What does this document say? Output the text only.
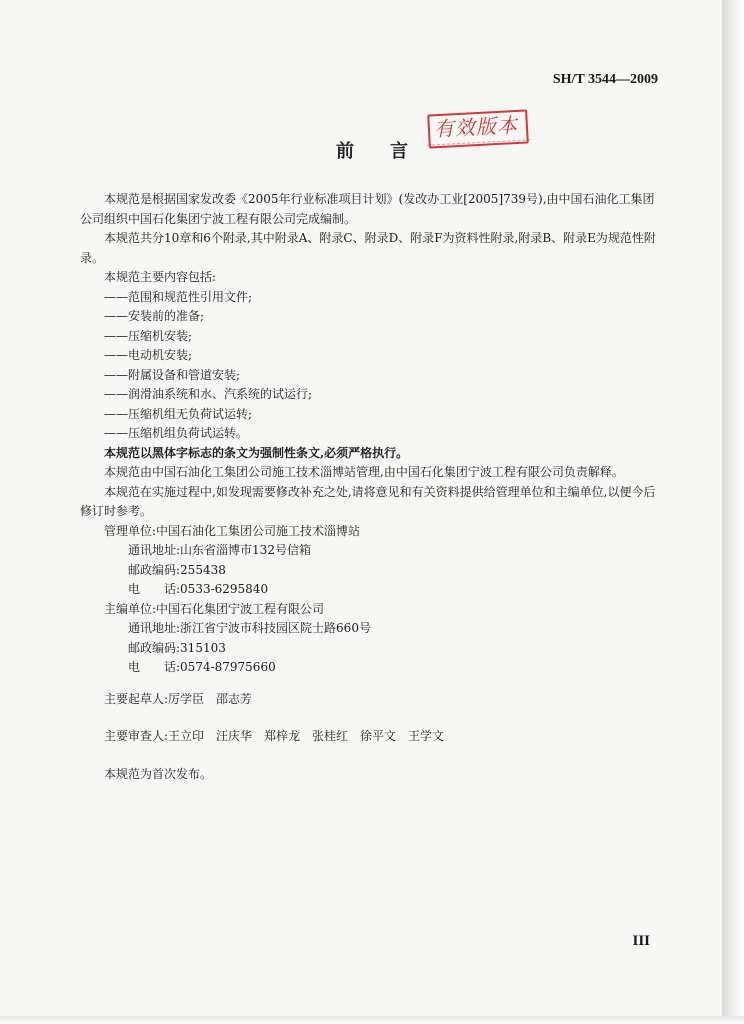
SH/T 3544—2009
有效版本
前言

本规范是根据国家发改委《2005年行业标准项目计划》(发改办工业[2005]739号),由中国石油化工集团公司组织中国石化集团宁波工程有限公司完成编制。

本规范共分10章和6个附录,其中附录A、附录C、附录D、附录F为资料性附录,附录B、附录E为规范性附录。

本规范主要内容包括:

——范围和规范性引用文件;

——安装前的准备;

——压缩机安装;

——电动机安装;

——附属设备和管道安装;

——润滑油系统和水、汽系统的试运行;

——压缩机组无负荷试运转;

——压缩机组负荷试运转。

本规范以黑体字标志的条文为强制性条文,必须严格执行。

本规范由中国石油化工集团公司施工技术淄博站管理,由中国石化集团宁波工程有限公司负责解释。

本规范在实施过程中,如发现需要修改补充之处,请将意见和有关资料提供给管理单位和主编单位,以便今后修订时参考。

管理单位:中国石油化工集团公司施工技术淄博站

通讯地址:山东省淄博市132号信箱

邮政编码:255438

电　　话:0533-6295840

主编单位:中国石化集团宁波工程有限公司

通讯地址:浙江省宁波市科技园区院士路660号

邮政编码:315103

电　　话:0574-87975660

主要起草人:厉学臣　邵志芳

主要审查人:王立印　汪庆华　郑梓龙　张桂红　徐平文　王学文

本规范为首次发布。

III
